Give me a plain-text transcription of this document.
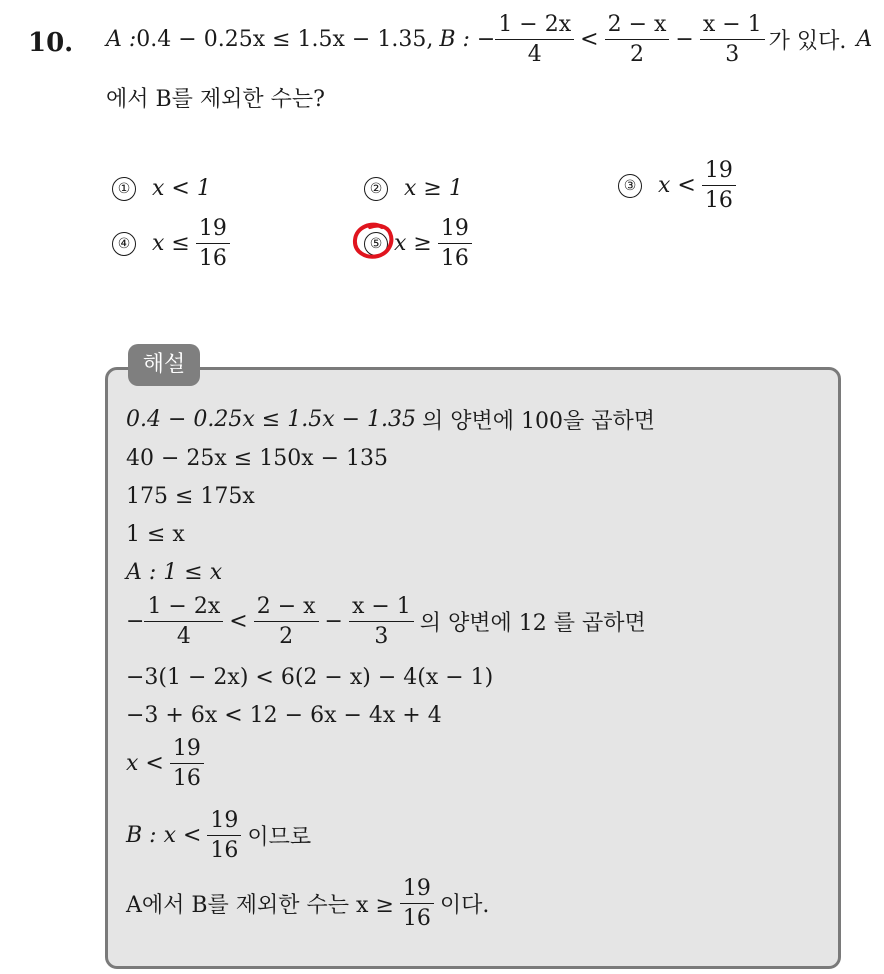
10. A : 0.4 − 0.25x ≤ 1.5x − 1.35, B : − $\frac{1 - 2x}{4} < \frac{2 - x}{2} - \frac{x - 1}{3}$ 가 있다. A
에서 B를 제외한 수는?
① x < 1	② x ≥ 1	③ $x < \frac{19}{16}$
④ $x \le \frac{19}{16}$	⑤ $x \ge \frac{19}{16}$
해설
0.4 − 0.25x ≤ 1.5x − 1.35 의 양변에 100을 곱하면
40 − 25x ≤ 150x − 135
175 ≤ 175x
1 ≤ x
A : 1 ≤ x
− $\frac{1 - 2x}{4} < \frac{2 - x}{2} - \frac{x - 1}{3}$ 의 양변에 12 를 곱하면
−3(1 − 2x) < 6(2 − x) − 4(x − 1)
−3 + 6x < 12 − 6x − 4x + 4
$x < \frac{19}{16}$
B : $x < \frac{19}{16}$ 이므로
A에서 B를 제외한 수는 $x \ge \frac{19}{16}$ 이다.
